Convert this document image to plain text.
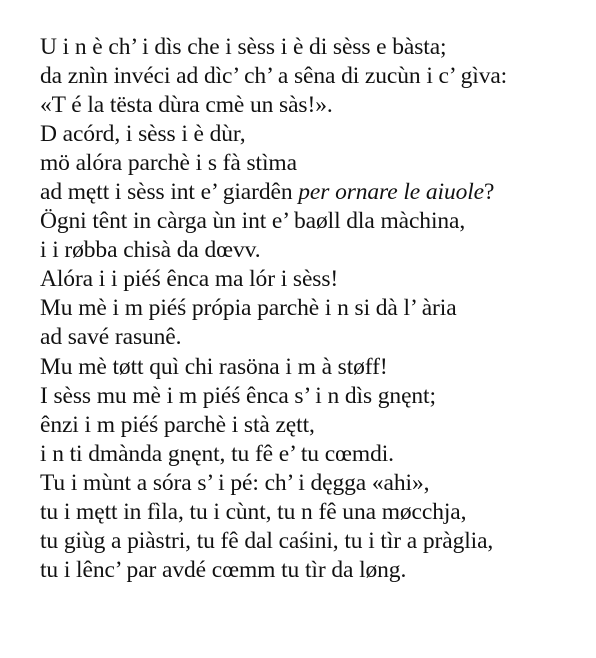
U i n è ch’ i dìs che i sèss i è di sèss e bàsta;
da znìn invéci ad dìc’ ch’ a sêna di zucùn i c’ gìva:
«T é la tësta dùra cmè un sàs!».
D acórd, i sèss i è dùr,
mö alóra parchè i s fà stìma
ad mętt i sèss int e’ giardên per ornare le aiuole?
Ögni tênt in càrga ùn int e’ baøll dla màchina,
i i røbba chisà da dœvv.
Alóra i i piéś ênca ma lór i sèss!
Mu mè i m piéś própia parchè i n si dà l’ ària
ad savé rasunê.
Mu mè tøtt quì chi rasöna i m à støff!
I sèss mu mè i m piéś ênca s’ i n dìs gnęnt;
ênzi i m piéś parchè i stà zętt,
i n ti dmànda gnęnt, tu fê e’ tu cœmdi.
Tu i mùnt a sóra s’ i pé: ch’ i dęgga «ahi»,
tu i mętt in fìla, tu i cùnt, tu n fê una møcchja,
tu giùg a piàstri, tu fê dal caśini, tu i tìr a pràglia,
tu i lênc’ par avdé cœmm tu tìr da løng.
